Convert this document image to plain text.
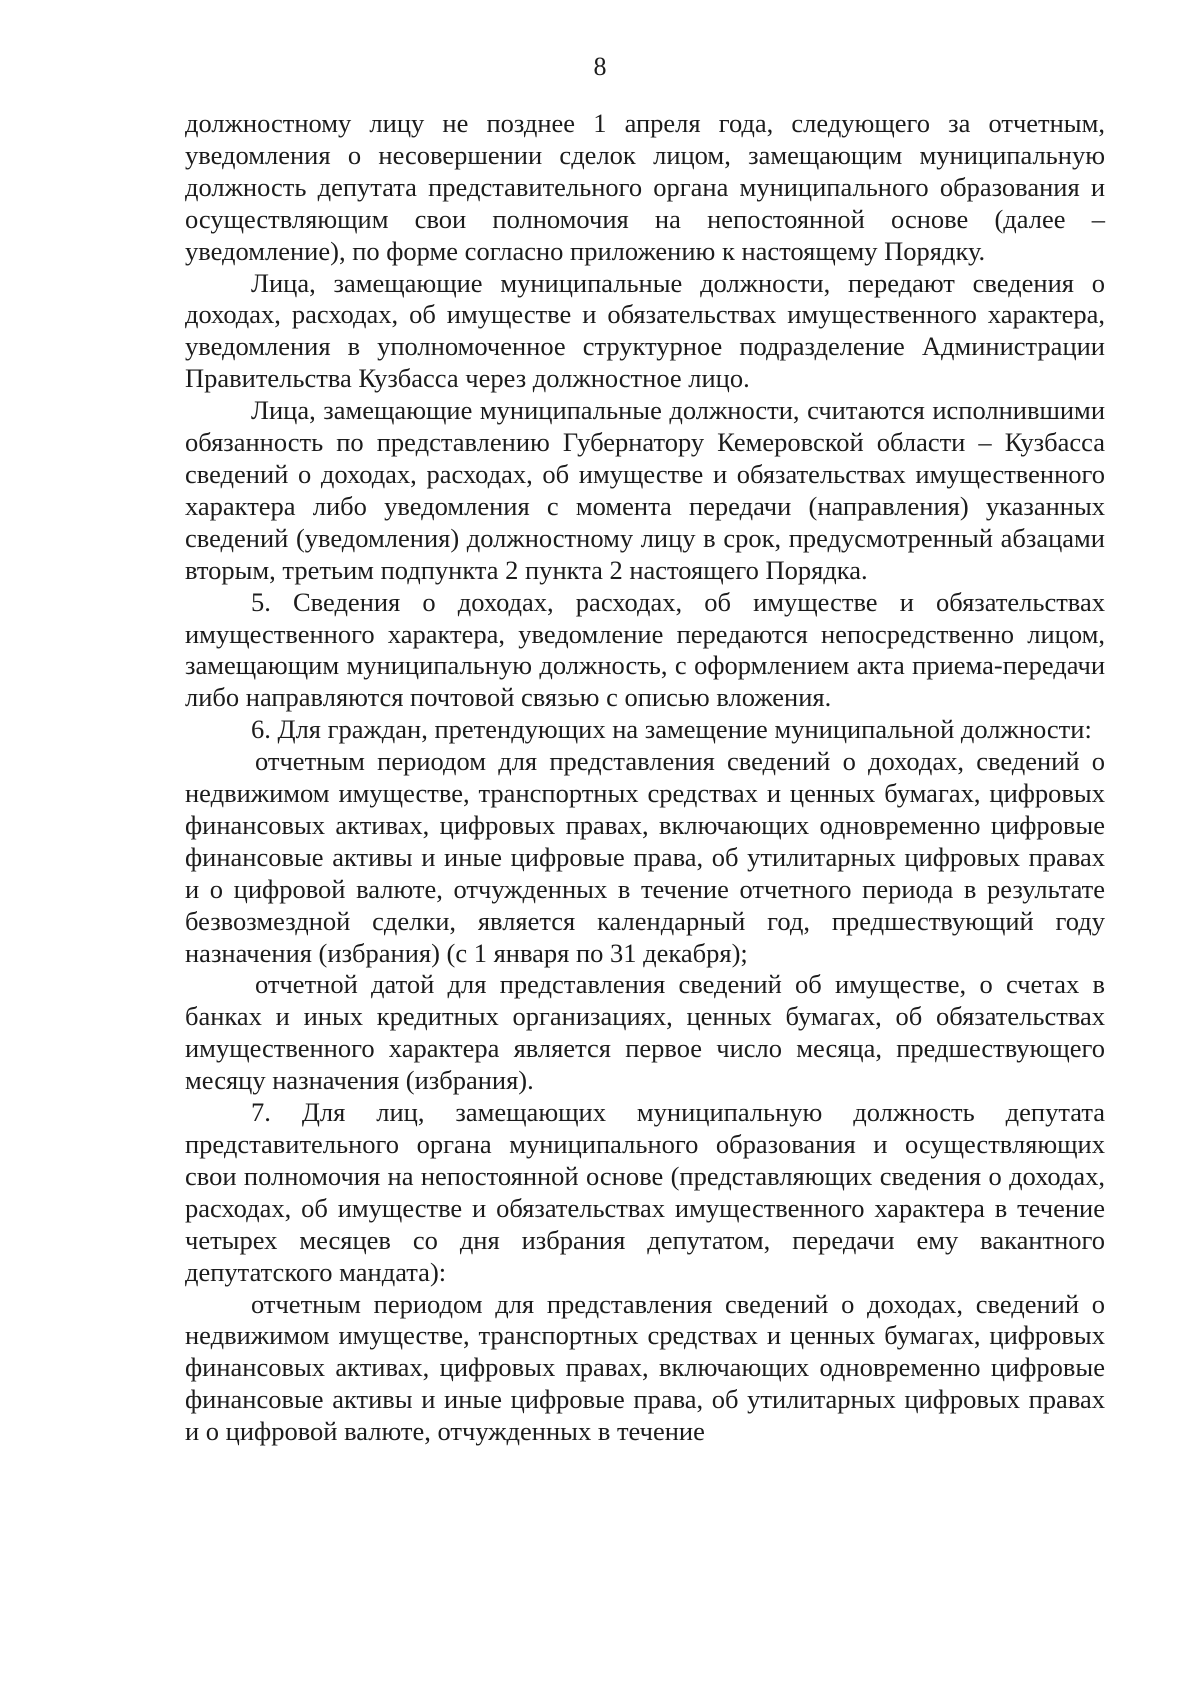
8

должностному лицу не позднее 1 апреля года, следующего за отчетным, уведомления о несовершении сделок лицом, замещающим муниципальную должность депутата представительного органа муниципального образования и осуществляющим свои полномочия на непостоянной основе (далее – уведомление), по форме согласно приложению к настоящему Порядку.

Лица, замещающие муниципальные должности, передают сведения о доходах, расходах, об имуществе и обязательствах имущественного характера, уведомления в уполномоченное структурное подразделение Администрации Правительства Кузбасса через должностное лицо.

Лица, замещающие муниципальные должности, считаются исполнившими обязанность по представлению Губернатору Кемеровской области – Кузбасса сведений о доходах, расходах, об имуществе и обязательствах имущественного характера либо уведомления с момента передачи (направления) указанных сведений (уведомления) должностному лицу в срок, предусмотренный абзацами вторым, третьим подпункта 2 пункта 2 настоящего Порядка.

5. Сведения о доходах, расходах, об имуществе и обязательствах имущественного характера, уведомление передаются непосредственно лицом, замещающим муниципальную должность, с оформлением акта приема-передачи либо направляются почтовой связью с описью вложения.

6. Для граждан, претендующих на замещение муниципальной должности:

отчетным периодом для представления сведений о доходах, сведений о недвижимом имуществе, транспортных средствах и ценных бумагах, цифровых финансовых активах, цифровых правах, включающих одновременно цифровые финансовые активы и иные цифровые права, об утилитарных цифровых правах и о цифровой валюте, отчужденных в течение отчетного периода в результате безвозмездной сделки, является календарный год, предшествующий году назначения (избрания) (с 1 января по 31 декабря);

отчетной датой для представления сведений об имуществе, о счетах в банках и иных кредитных организациях, ценных бумагах, об обязательствах имущественного характера является первое число месяца, предшествующего месяцу назначения (избрания).

7. Для лиц, замещающих муниципальную должность депутата представительного органа муниципального образования и осуществляющих свои полномочия на непостоянной основе (представляющих сведения о доходах, расходах, об имуществе и обязательствах имущественного характера в течение четырех месяцев со дня избрания депутатом, передачи ему вакантного депутатского мандата):

отчетным периодом для представления сведений о доходах, сведений о недвижимом имуществе, транспортных средствах и ценных бумагах, цифровых финансовых активах, цифровых правах, включающих одновременно цифровые финансовые активы и иные цифровые права, об утилитарных цифровых правах и о цифровой валюте, отчужденных в течение
